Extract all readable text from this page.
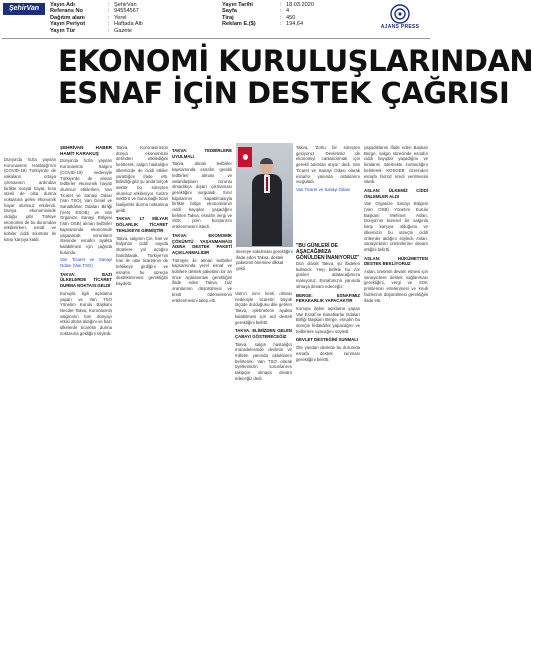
ŞehirVan	Yayın Adı	: ŞehirVan
Referans No	: 94554567
Dağıtım alanı	: Yerel
Yayın Periyot	: Haftada Altı
Yayın Tür	: Gazete
Yayın Tarihi	: 18.03.2020
Sayfa	: 4
Tiraj	: 450
Reklam E.($)	: 194,64	AJANS PRESS
EKONOMİ KURULUŞLARINDAN
ESNAF İÇİN DESTEK ÇAĞRISI

Dünya'da hızla yayılan Koronavirüs Hastalığı'nın (COVID-19) Türkiye'de de vakaların ortaya çıkmasının ardından birlikte sosyal hayat, kısa süreli de olsa durma noktasına gelen ekonomik hayat olumsuz etkilendi. Dünya ekonomisinde olduğu gibi Türkiye ekonomisi de bu durumdan etkilenirken, esnaf ve kobiler ciddi sıkıntılar ile karşı karşıya kaldı.

ŞEHRİVAN HABER HAMİT KARAKUŞ

Dünya'da hızla yayılan Koronavirüs Salgını (COVID-19) nedeniyle Türkiye'de de alınan tedbirler ekonomik hayatı olumsuz etkilerken, Van Ticaret ve Sanayi Odası (Van TSO), Van Genel ve Sanatkârlar Odaları Birliği (VAN ESOB) ve Van Organize Sanayi Bölgesi (Van OSB) alınan tedbirler kapsamında ekonomide yaşanacak sorunların ötesinde esnafın ayakta kalabilmesi için çağrıda bulundu.

Van Ticaret ve Sanayi Odası (Van TSO)

TAKVA: BAZI ÜLKELERDE TİCARET DURMA NOKTASI GELDİ

Konuyla ilgili açıklama yapan ve Van TSO Yönetim Kurulu Başkanı Necdet Takva, Koronavirüs salgınının tüm dünyayı etkisi altına aldığını ve bazı ülkelerde ticaretin durma noktasına geldiğini söyledi.

Takva, Koronavirüsün dünya ekonomisini derinden etkilediğini belirterek, salgın hastalığın ülkemizde de ciddi etkiler yarattığını ifade etti. Bilindiği gibi şu anda birçok sektör bu süreçten olumsuz etkileniyor, turizm sektörü ve buna bağlı ticari faaliyetler durma noktasına geldi.

TAKVA: 17 MİLYAR DOLARLIK TİCARET TEHLİKEYE GİRMİŞTİR

Takva, salgının Çin, İran ve İtalya'da ciddi sayıda ölümlere yol açtığını hatırlatarak, Türkiye'nin İran ile olan ticaretinin de tehlikeye girdiğini ve esnafın bu süreçte desteklenmesi gerektiğini kaydetti.

TAKVA: TEDBİRLERE UYULMALI

Takva, alınan tedbirler kapsamında esnafın gerekli tedbirleri alması ve vatandaşların zorunlu olmadıkça dışarı çıkmaması gerektiğini vurguladı. Sınır kapılarının kapatılmasıyla birlikte bölge ekonomisinin ciddi kayıplar yaşadığını belirten Takva, esnafın vergi ve SGK prim borçlarının ertelenmesini istedi.

TAKVA: EKONOMİK ÇÖKÜNTÜ YAŞANMAMASI ADINA DESTEK PAKETİ AÇIKLANMALIDIR

Tümüyle ile alınan tedbirler kapsamında yerel esnaf ve kobilere destek paketinin bir an önce açıklanması gerektiğini ifade eden Takva, faiz oranlarının düşürülmesi ve kredi ödemelerinin ertelenmesini talep etti.

devreye sokulması gerektiğini ifade eden Takva, destek paketinin önemine dikkat çekti.

Van'ın sınır kenti olması nedeniyle ticaretin büyük ölçüde durduğunu dile getiren Takva, işletmelerin ayakta kalabilmesi için acil destek gerektiğini belirtti.

TAKVA: ELİMİZDEN GELEN ÇABAYI GÖSTERECEĞİZ

Takva, salgın hastalığın mücadelesinde devletin ve milletin yanında olduklarını belirterek, Van TSO olarak üyelerimizin sorunlarının takipçisi olmaya devam edeceğiz dedi.

Takva, 'Zorlu bir süreçten geçiyoruz. Devletimiz de ekonomiyi canlandırmak için gerekli adımları atıyor' dedi. Van Ticaret ve Sanayi Odası olarak esnafın yanında olduklarını vurguladı.

Van Ticaret ve Sanayi Odası

"BU GÜNLERİ DE AŞACAĞIMIZA GÖNÜLDEN İNANIYORUZ"

Dün olarak Takva, şu ifadeleri kullandı: 'Hep birlikte bu zor günleri atlatacağımıza inanıyoruz. Esnafımızın yanında olmaya devam edeceğiz.'

BERGE: ESNAFIMIZ FERAKARLIK YAPACAKTIR

Konuya ilişkin açıklama yapan Van Esnaf ve Sanatkarlar Odaları Birliği Başkanı Berge, esnafın bu süreçte fedakârlık yapacağını ve tedbirlere uyacağını söyledi.

DEVLET DESTEĞİNİ SUNMALI

Öte yandan devletin bu durumda esnafa destek sunması gerektiğini belirtti.

yaşadıklarını ifade eden Başkan Berge, salgın sürecinde esnafın ciddi kayıplar yaşadığını ve kiralarını ödemekte zorlandığını belirterek KOSGEB üzerinden esnafa faizsiz kredi verilmesini istedi.

ASLAN: ÜLKEMİZ CİDDİ ÖNLEMLER ALDI

Van Organize Sanayi Bölgesi (Van OSB) Yönetim Kurulu Başkanı Mehmet Aslan, Dünya'nın küresel bir salgınla karşı karşıya olduğunu ve ülkemizin bu süreçte ciddi önlemler aldığını söyledi. Aslan, sanayicilerin üretimlerine devam ettiğini belirtti.

ASLAN: HÜKÜMETTEN DESTEK BEKLİYORUZ

Aslan, üretimin devam etmesi için sanayicilere destek sağlanması gerektiğini, vergi ve SGK primlerinin ertelenmesi ve kredi faizlerinin düşürülmesi gerektiğini ifade etti.
